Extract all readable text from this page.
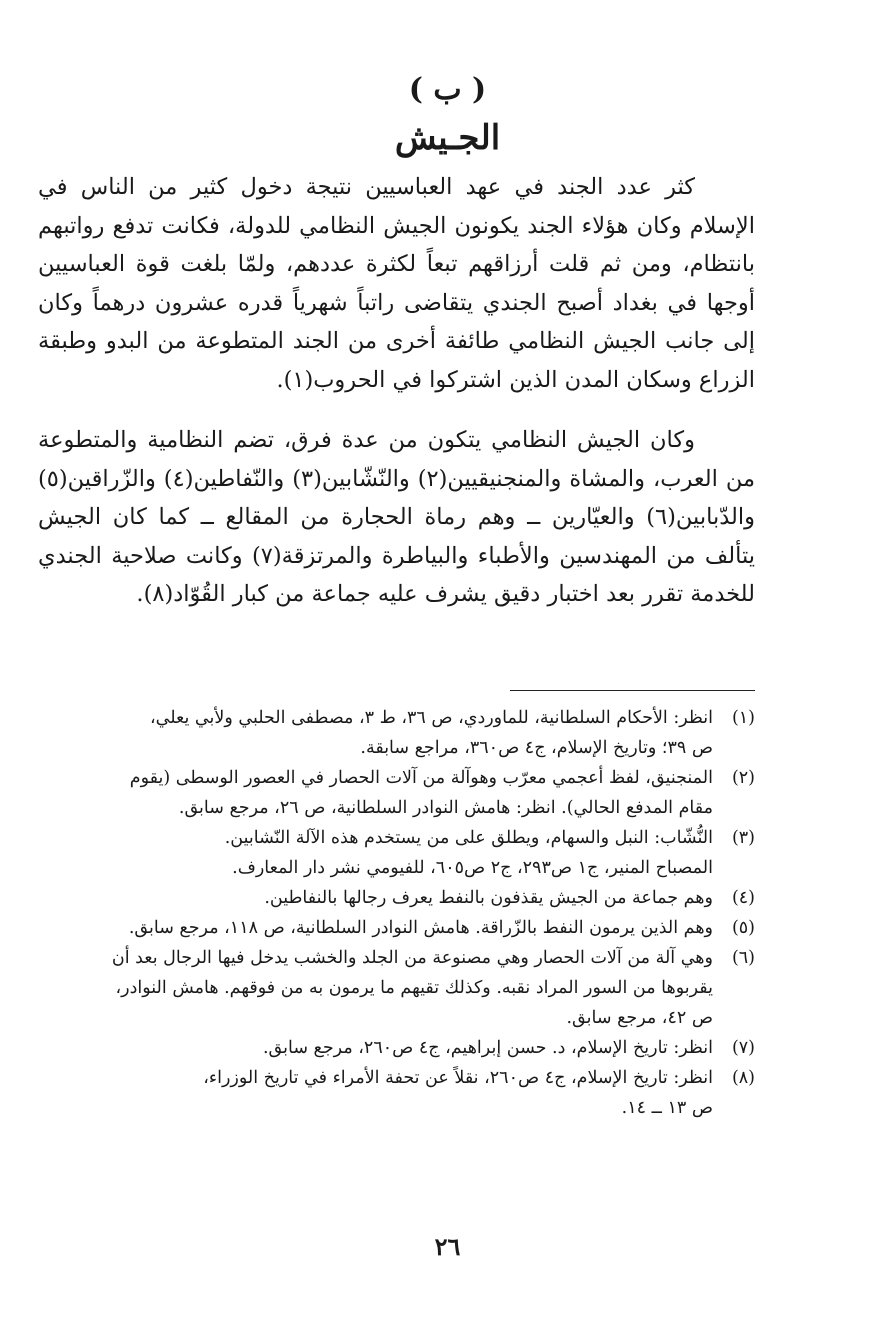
( ب )
الجـيش

كثر عدد الجند في عهد العباسيين نتيجة دخول كثير من الناس في الإسلام وكان هؤلاء الجند يكونون الجيش النظامي للدولة، فكانت تدفع رواتبهم بانتظام، ومن ثم قلت أرزاقهم تبعاً لكثرة عددهم، ولمّا بلغت قوة العباسيين أوجها في بغداد أصبح الجندي يتقاضى راتباً شهرياً قدره عشرون درهماً وكان إلى جانب الجيش النظامي طائفة أخرى من الجند المتطوعة من البدو وطبقة الزراع وسكان المدن الذين اشتركوا في الحروب(١).

وكان الجيش النظامي يتكون من عدة فرق، تضم النظامية والمتطوعة من العرب، والمشاة والمنجنيقيين(٢) والنّشّابين(٣) والنّفاطين(٤) والزّراقين(٥) والدّبابين(٦) والعيّارين ــ وهم رماة الحجارة من المقالع ــ كما كان الجيش يتألف من المهندسين والأطباء والبياطرة والمرتزقة(٧) وكانت صلاحية الجندي للخدمة تقرر بعد اختبار دقيق يشرف عليه جماعة من كبار القُوّاد(٨).

(١)
انظر: الأحكام السلطانية، للماوردي، ص ٣٦، ط ٣، مصطفى الحلبي ولأبي يعلي،
ص ٣٩؛ وتاريخ الإسلام، ج٤ ص٣٦٠، مراجع سابقة.
(٢)
المنجنيق، لفظ أعجمي معرّب وهوآلة من آلات الحصار في العصور الوسطى (يقوم
مقام المدفع الحالي). انظر: هامش النوادر السلطانية، ص ٢٦، مرجع سابق.
(٣)
النُّشّاب: النبل والسهام، ويطلق على من يستخدم هذه الآلة النّشابين.
المصباح المنير، ج١ ص٢٩٣، ج٢ ص٦٠٥، للفيومي نشر دار المعارف.
(٤)
وهم جماعة من الجيش يقذفون بالنفط يعرف رجالها بالنفاطين.
(٥)
وهم الذين يرمون النفط بالزّراقة. هامش النوادر السلطانية، ص ١١٨، مرجع سابق.
(٦)
وهي آلة من آلات الحصار وهي مصنوعة من الجلد والخشب يدخل فيها الرجال بعد أن
يقربوها من السور المراد نقبه. وكذلك تقيهم ما يرمون به من فوقهم. هامش النوادر،
ص ٤٢، مرجع سابق.
(٧)
انظر: تاريخ الإسلام، د. حسن إبراهيم، ج٤ ص٢٦٠، مرجع سابق.
(٨)
انظر: تاريخ الإسلام، ج٤ ص٢٦٠، نقلاً عن تحفة الأمراء في تاريخ الوزراء،
ص ١٣ ــ ١٤.
٢٦
